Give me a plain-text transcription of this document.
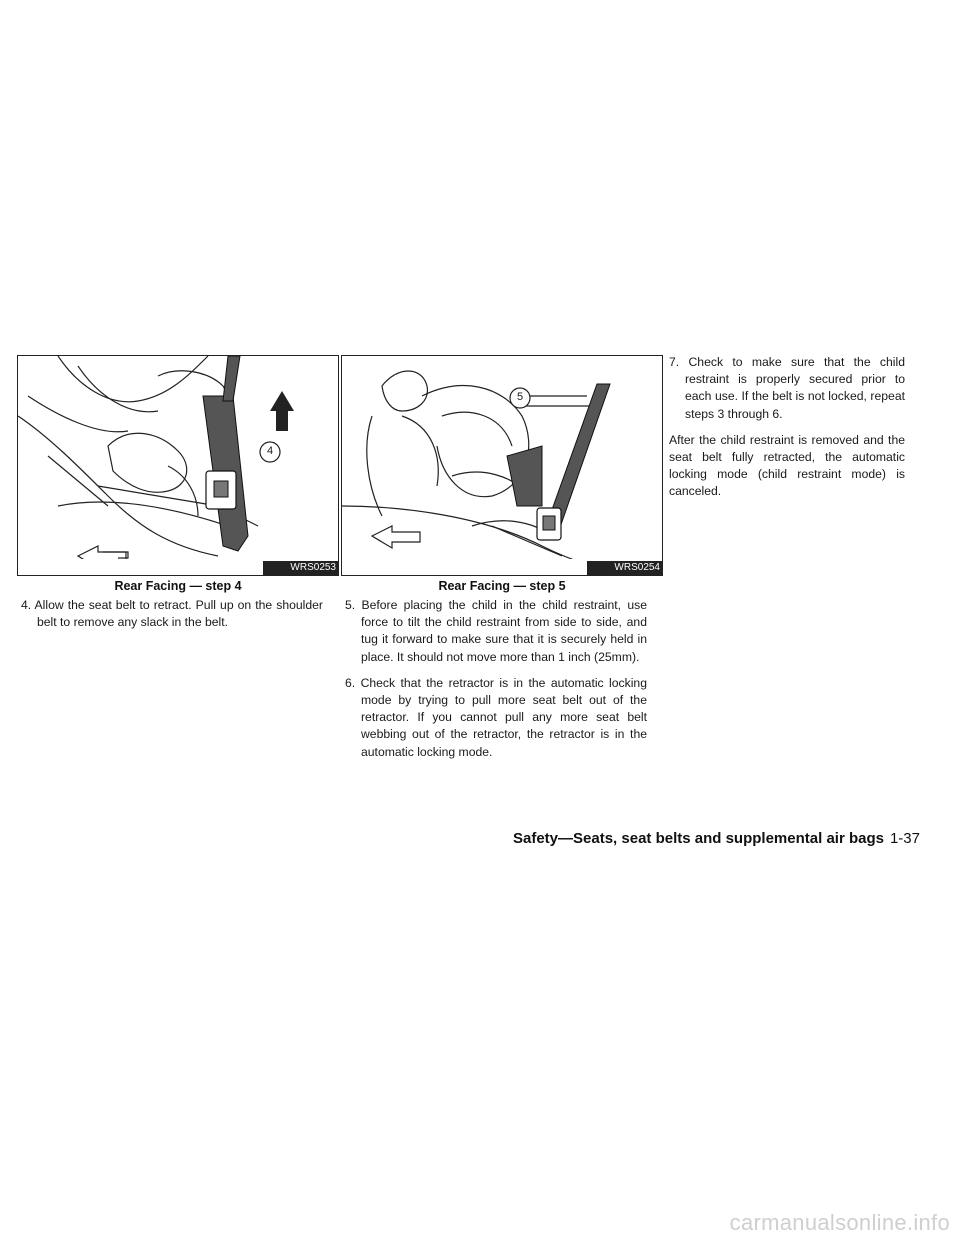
4
WRS0253
Rear Facing — step 4
5
WRS0254
Rear Facing — step 5

4. Allow the seat belt to retract. Pull up on the shoulder belt to remove any slack in the belt.

5. Before placing the child in the child restraint, use force to tilt the child restraint from side to side, and tug it forward to make sure that it is securely held in place. It should not move more than 1 inch (25mm).

6. Check that the retractor is in the automatic locking mode by trying to pull more seat belt out of the retractor. If you cannot pull any more seat belt webbing out of the retractor, the retractor is in the automatic locking mode.

7. Check to make sure that the child restraint is properly secured prior to each use. If the belt is not locked, repeat steps 3 through 6.

After the child restraint is removed and the seat belt fully retracted, the automatic locking mode (child restraint mode) is canceled.

Safety—Seats, seat belts and supplemental air bags 1-37
carmanualsonline.info
